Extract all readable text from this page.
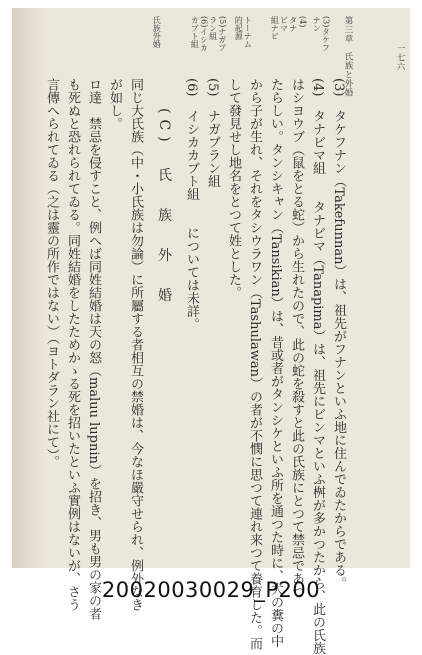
一七六
(3)　タケフナン（Takefunnan）は、祖先がフナンといふ地に住んでゐたからである。
(4)　タナビマ組　　タナビマ（Tanapima）は、祖先にビンマといふ桝が多かつたから、此の氏族
はシヨウブ（鼠をとる蛇）から生れたので、此の蛇を殺すと此の氏族にとつて禁忌であつ
たらしい。タンシキャン（Tansikian）は、昔或者がタンシケといふ所を通つた時に、犬の糞の中
から子が生れ、それをタシウラワン（Tashulawan）の者が不憫に思つて連れ来つて養育した。而
して發見せし地名をとつて姓とした。
(5)　ナガブラン組
(6)　イシカカブト組　　については未詳。
(C)　氏　族　外　婚
同じ大氏族（中・小氏族は勿論）に所屬する者相互の禁婚は、今なほ嚴守せられ、例外なき
が如し。
ロ達　禁忌を侵すこと、例へば同姓結婚は天の怒（maluu lupnin）を招き、男も男の家の者
も死ぬと恐れられてゐる。同姓結婚をしたためかゝる死を招いたといふ實例はないが、さう
言傳へられてゐる（之は靈の所作ではない）（ヨトダラン社にて）。
第三章　氏族と外婚
(3)タケフ
ナン
(4)
タナ
ビマ
組ナビ
トーナム
的起源
(5)ナガブ
ラン組
(6)イシカ
カブト組
氏族外婚
20020030029_P200
